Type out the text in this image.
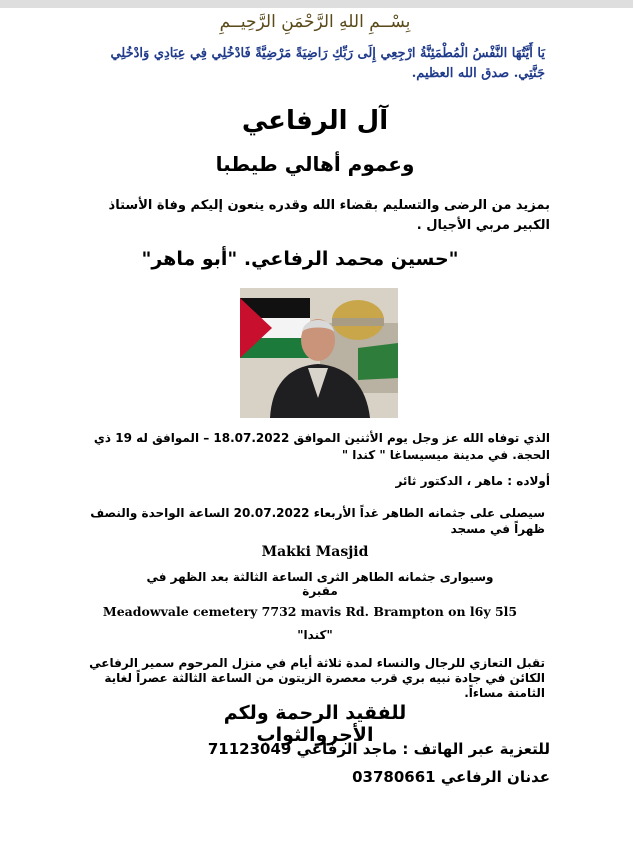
بِسْــمِ اللهِ الرَّحْمَنِ الرَّحِيــمِ
يَا أَيَّتُهَا النَّفْسُ الْمُطْمَئِنَّةُ ارْجِعِي إِلَى رَبِّكِ رَاضِيَةً مَرْضِيَّةً فَادْخُلِي فِي عِبَادِي وَادْخُلِي جَنَّتِي. صدق الله العظيم.
آل الرفاعي
وعموم أهالي طيطبا
بمزيد من الرضى والتسليم بقضاء الله وقدره ينعون إليكم وفاة الأستاذ الكبير مربي الأجيال .
"حسين محمد الرفاعي. "أبو ماهر"
الذي توفاه الله عز وجل يوم الأثنين الموافق 18.07.2022 – الموافق له 19 ذي الحجة. في مدينة ميسيساغا " كندا "
أولاده : ماهر ، الدكتور ثائر
سيصلى على جثمانه الطاهر غداً الأربعاء 20.07.2022 الساعة الواحدة والنصف ظهراً في مسجد
Makki Masjid
وسيوارى جثمانه الطاهر الثرى الساعة الثالثة بعد الظهر في مقبرة
Meadowvale cemetery 7732 mavis Rd. Brampton on l6y 5l5
"كندا"
تقبل التعازي للرجال والنساء لمدة ثلاثة أيام في منزل المرحوم سمير الرفاعي الكائن في جادة نبيه بري قرب معصرة الزيتون من الساعة الثالثة عصراً لغاية الثامنة مساءاً.
للفقيد الرحمة ولكم الأجروالثواب
للتعزية عبر الهاتف : ماجد الرفاعي 71123049
عدنان الرفاعي 03780661
